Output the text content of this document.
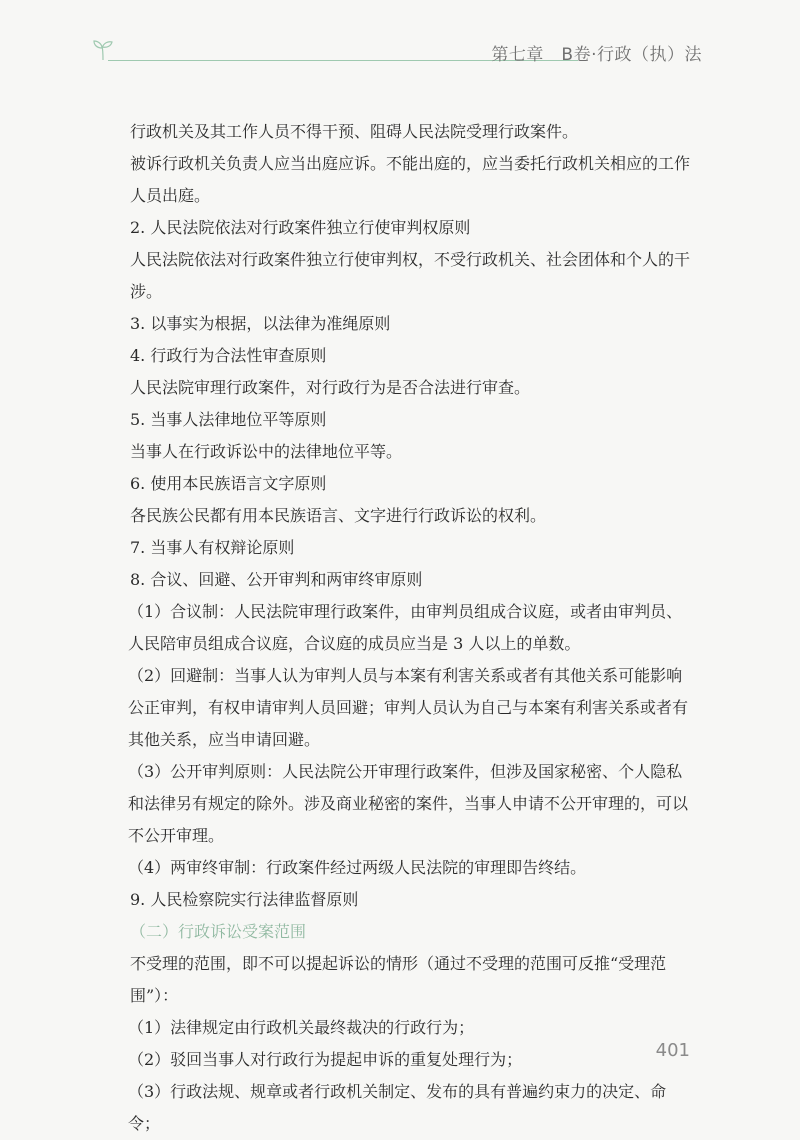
第七章　B卷·行政（执）法

行政机关及其工作人员不得干预、阻碍人民法院受理行政案件。

被诉行政机关负责人应当出庭应诉。不能出庭的，应当委托行政机关相应的工作人员出庭。

2. 人民法院依法对行政案件独立行使审判权原则

人民法院依法对行政案件独立行使审判权，不受行政机关、社会团体和个人的干涉。

3. 以事实为根据，以法律为准绳原则

4. 行政行为合法性审查原则

人民法院审理行政案件，对行政行为是否合法进行审查。

5. 当事人法律地位平等原则

当事人在行政诉讼中的法律地位平等。

6. 使用本民族语言文字原则

各民族公民都有用本民族语言、文字进行行政诉讼的权利。

7. 当事人有权辩论原则

8. 合议、回避、公开审判和两审终审原则

（1）合议制：人民法院审理行政案件，由审判员组成合议庭，或者由审判员、人民陪审员组成合议庭，合议庭的成员应当是 3 人以上的单数。

（2）回避制：当事人认为审判人员与本案有利害关系或者有其他关系可能影响公正审判，有权申请审判人员回避；审判人员认为自己与本案有利害关系或者有其他关系，应当申请回避。

（3）公开审判原则：人民法院公开审理行政案件，但涉及国家秘密、个人隐私和法律另有规定的除外。涉及商业秘密的案件，当事人申请不公开审理的，可以不公开审理。

（4）两审终审制：行政案件经过两级人民法院的审理即告终结。

9. 人民检察院实行法律监督原则

（二）行政诉讼受案范围

不受理的范围，即不可以提起诉讼的情形（通过不受理的范围可反推“受理范围”）：

（1）法律规定由行政机关最终裁决的行政行为；

（2）驳回当事人对行政行为提起申诉的重复处理行为；

（3）行政法规、规章或者行政机关制定、发布的具有普遍约束力的决定、命令；

401
